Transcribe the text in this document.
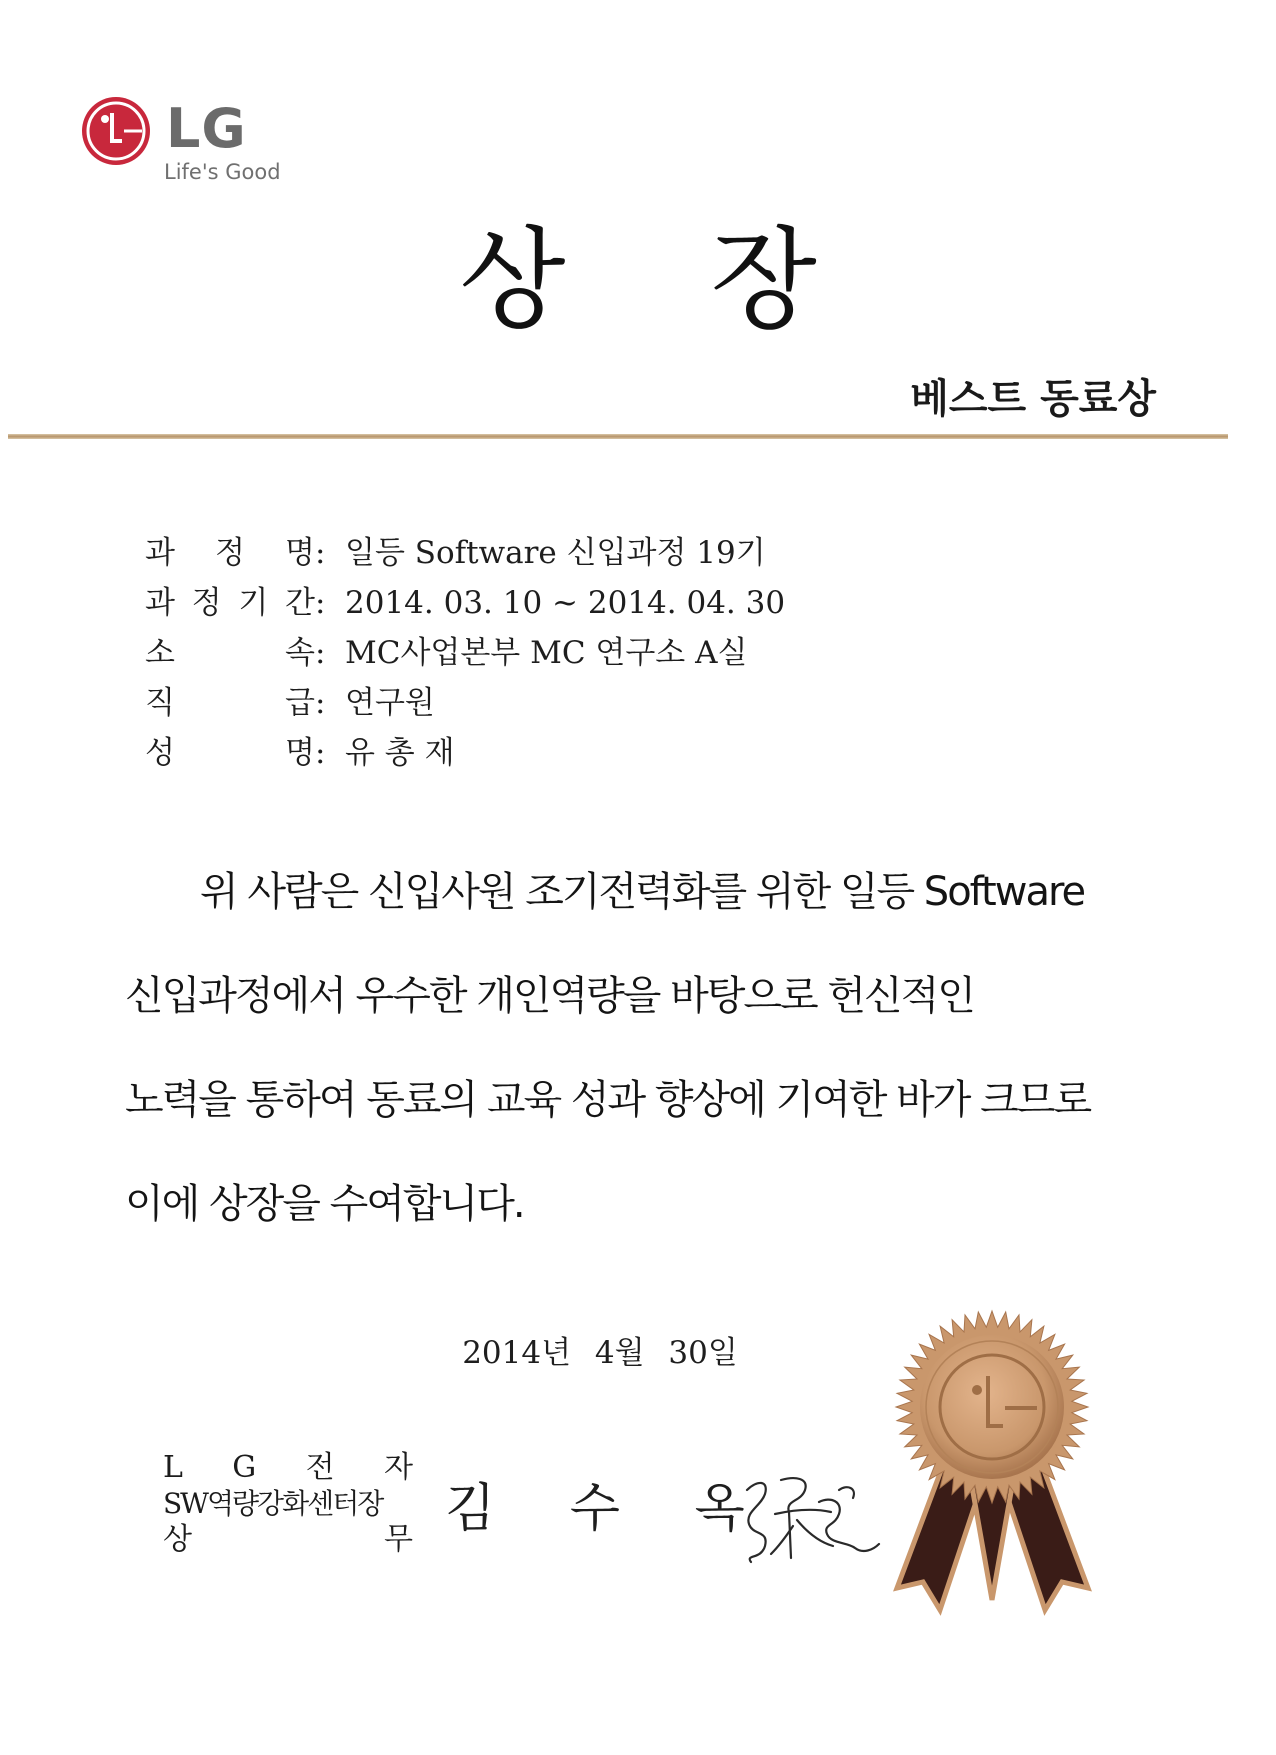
LG
Life's Good
상 장
베스트 동료상
과 정 명 : 일등 Software 신입과정 19기
과 정 기 간 : 2014. 03. 10 ~ 2014. 04. 30
소	속 : MC사업본부 MC 연구소 A실
직	급 : 연구원
성	명 : 유 총 재
위 사람은 신입사원 조기전력화를 위한 일등 Software
신입과정에서 우수한 개인역량을 바탕으로 헌신적인
노력을 통하여 동료의 교육 성과 향상에 기여한 바가 크므로
이에 상장을 수여합니다.
2014년 4월 30일
L G 전 자
SW역량강화센터장
상	무
김 수 옥
